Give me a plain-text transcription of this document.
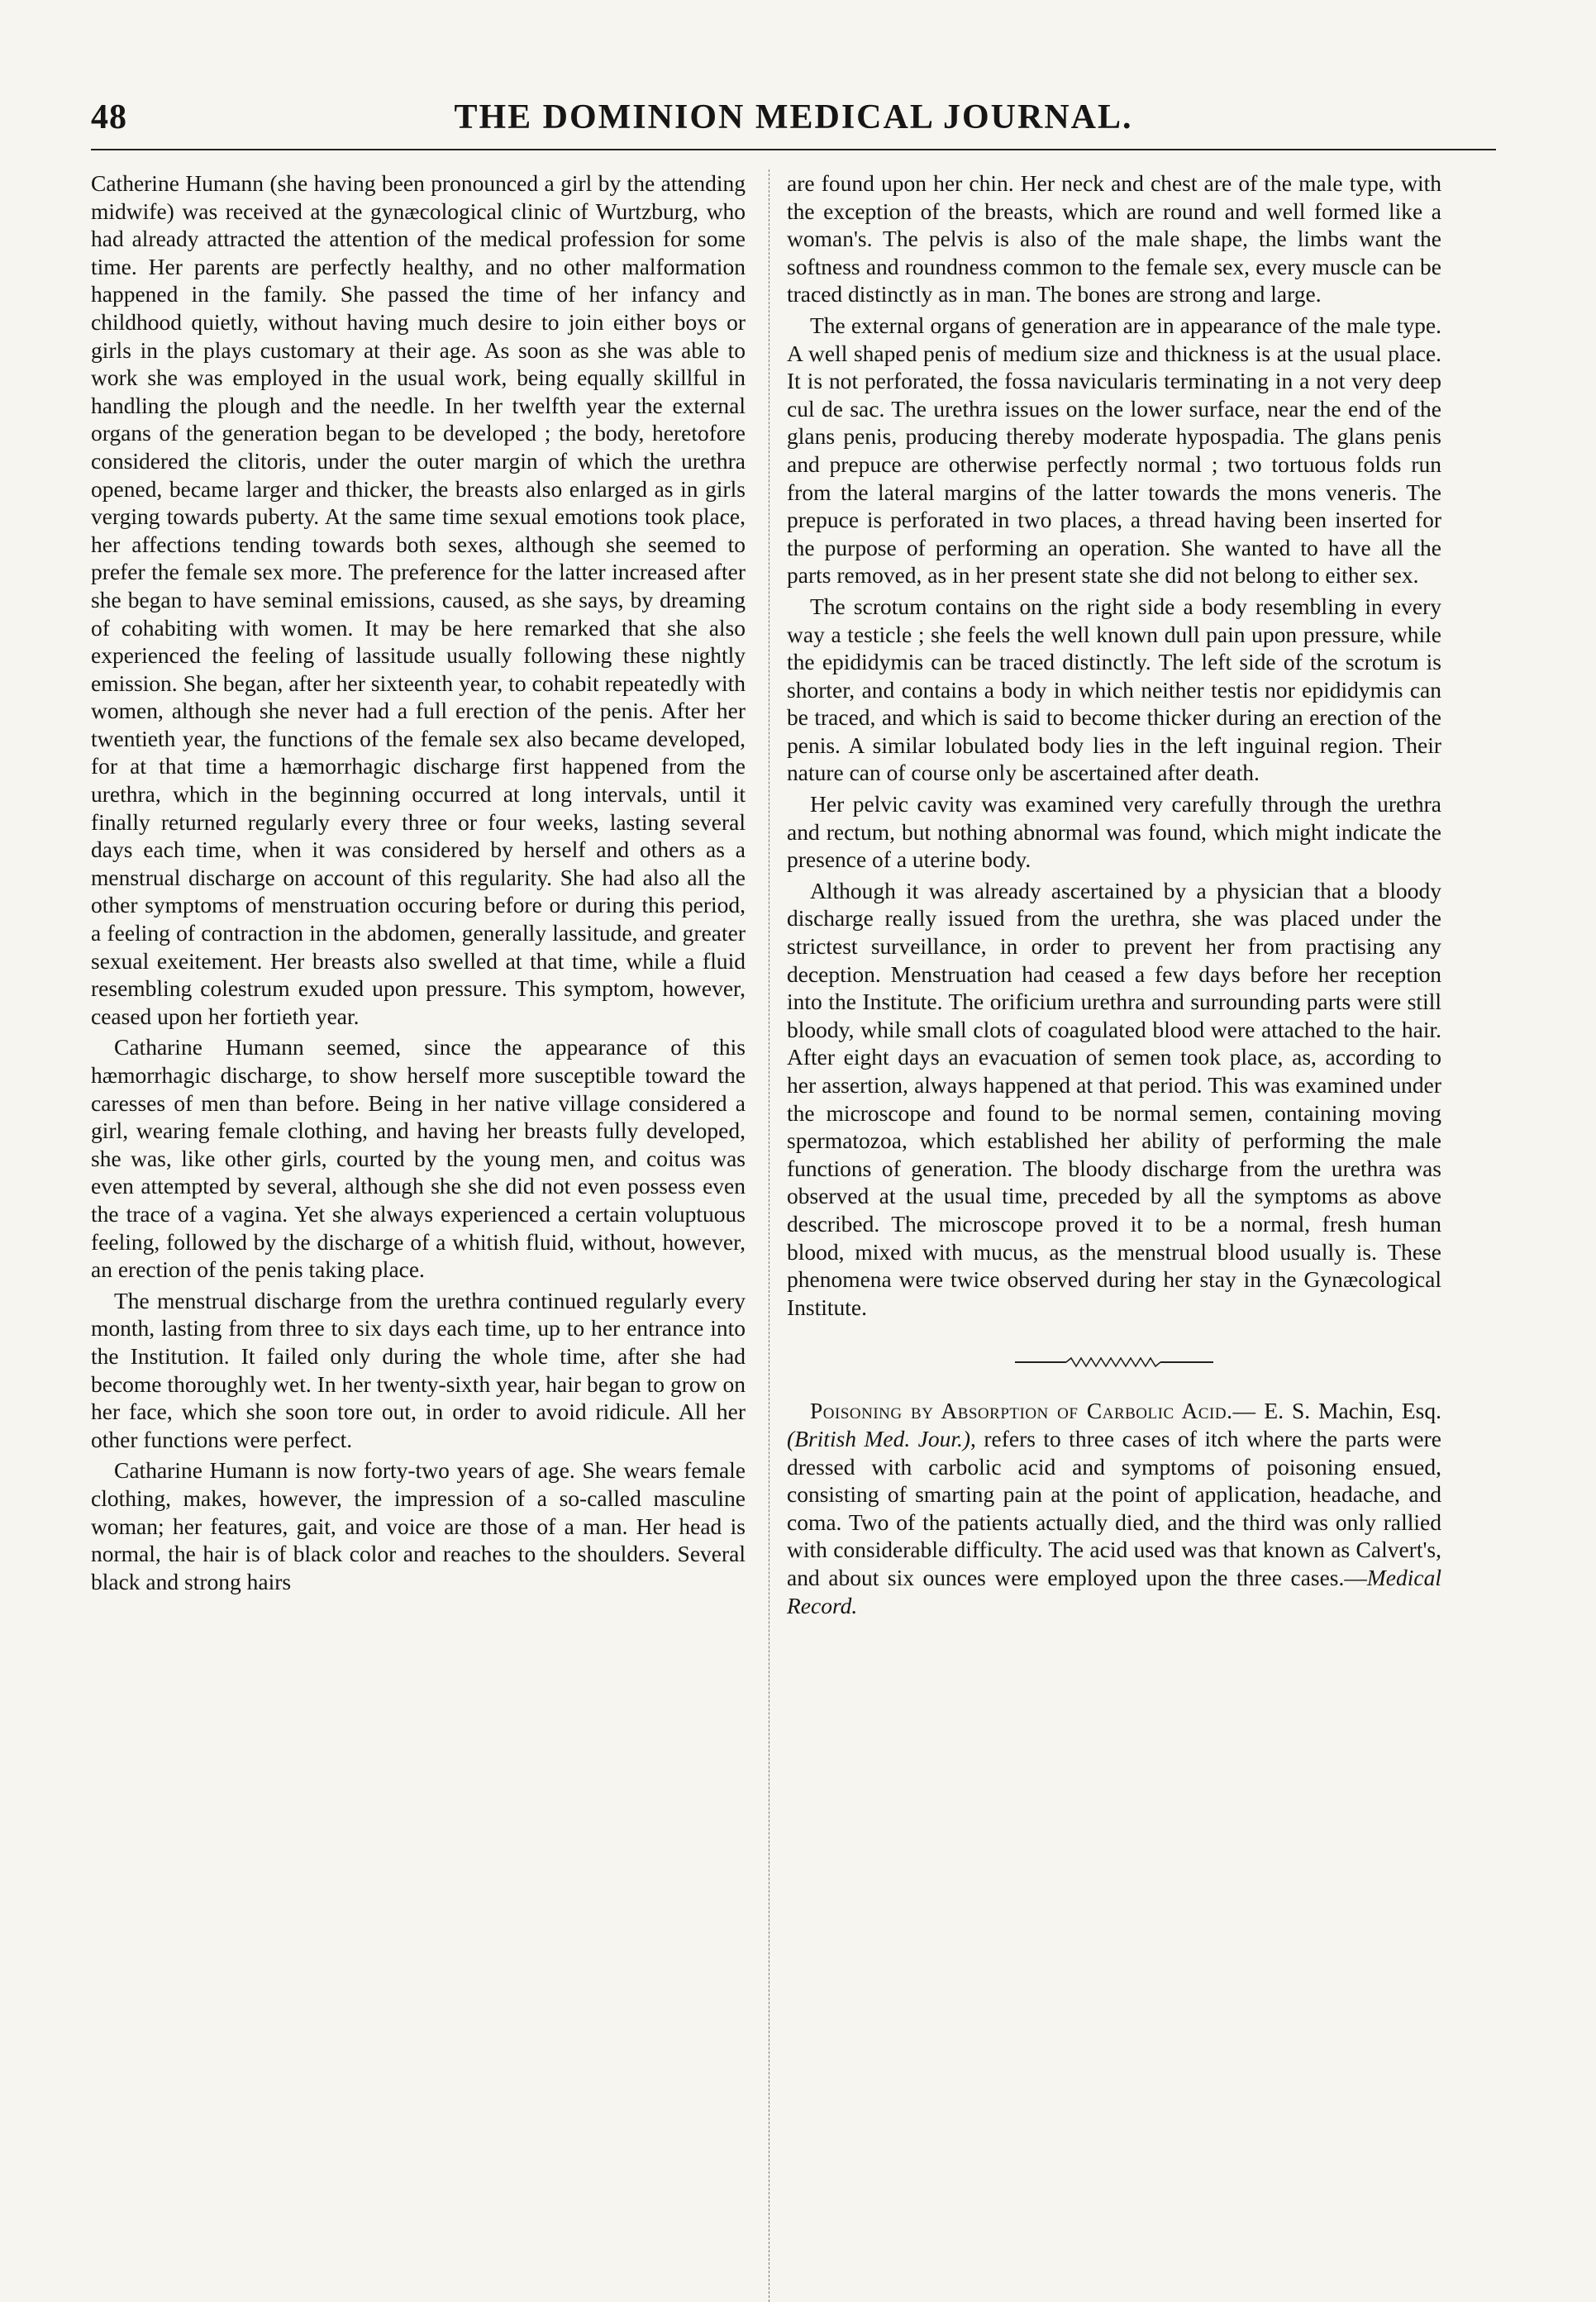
48	THE DOMINION MEDICAL JOURNAL.

Catherine Humann (she having been pronounced a girl by the attending midwife) was received at the gynæcological clinic of Wurtzburg, who had already attracted the attention of the medical profession for some time. Her parents are perfectly healthy, and no other malformation happened in the family. She passed the time of her infancy and childhood quietly, without having much desire to join either boys or girls in the plays customary at their age. As soon as she was able to work she was employed in the usual work, being equally skillful in handling the plough and the needle. In her twelfth year the external organs of the generation began to be developed ; the body, heretofore considered the clitoris, under the outer margin of which the urethra opened, became larger and thicker, the breasts also enlarged as in girls verging towards puberty. At the same time sexual emotions took place, her affections tending towards both sexes, although she seemed to prefer the female sex more. The preference for the latter increased after she began to have seminal emissions, caused, as she says, by dreaming of cohabiting with women. It may be here remarked that she also experienced the feeling of lassitude usually following these nightly emission. She began, after her sixteenth year, to cohabit repeatedly with women, although she never had a full erection of the penis. After her twentieth year, the functions of the female sex also became developed, for at that time a hæmorrhagic discharge first happened from the urethra, which in the beginning occurred at long intervals, until it finally returned regularly every three or four weeks, lasting several days each time, when it was considered by herself and others as a menstrual discharge on account of this regularity. She had also all the other symptoms of menstruation occuring before or during this period, a feeling of contraction in the abdomen, generally lassitude, and greater sexual exeitement. Her breasts also swelled at that time, while a fluid resembling colestrum exuded upon pressure. This symptom, however, ceased upon her fortieth year.

Catharine Humann seemed, since the appearance of this hæmorrhagic discharge, to show herself more susceptible toward the caresses of men than before. Being in her native village considered a girl, wearing female clothing, and having her breasts fully developed, she was, like other girls, courted by the young men, and coitus was even attempted by several, although she she did not even possess even the trace of a vagina. Yet she always experienced a certain voluptuous feeling, followed by the discharge of a whitish fluid, without, however, an erection of the penis taking place.

The menstrual discharge from the urethra continued regularly every month, lasting from three to six days each time, up to her entrance into the Institution. It failed only during the whole time, after she had become thoroughly wet. In her twenty-sixth year, hair began to grow on her face, which she soon tore out, in order to avoid ridicule. All her other functions were perfect.

Catharine Humann is now forty-two years of age. She wears female clothing, makes, however, the impression of a so-called masculine woman; her features, gait, and voice are those of a man. Her head is normal, the hair is of black color and reaches to the shoulders. Several black and strong hairs

are found upon her chin. Her neck and chest are of the male type, with the exception of the breasts, which are round and well formed like a woman's. The pelvis is also of the male shape, the limbs want the softness and roundness common to the female sex, every muscle can be traced distinctly as in man. The bones are strong and large.

The external organs of generation are in appearance of the male type. A well shaped penis of medium size and thickness is at the usual place. It is not perforated, the fossa navicularis terminating in a not very deep cul de sac. The urethra issues on the lower surface, near the end of the glans penis, producing thereby moderate hypospadia. The glans penis and prepuce are otherwise perfectly normal ; two tortuous folds run from the lateral margins of the latter towards the mons veneris. The prepuce is perforated in two places, a thread having been inserted for the purpose of performing an operation. She wanted to have all the parts removed, as in her present state she did not belong to either sex.

The scrotum contains on the right side a body resembling in every way a testicle ; she feels the well known dull pain upon pressure, while the epididymis can be traced distinctly. The left side of the scrotum is shorter, and contains a body in which neither testis nor epididymis can be traced, and which is said to become thicker during an erection of the penis. A similar lobulated body lies in the left inguinal region. Their nature can of course only be ascertained after death.

Her pelvic cavity was examined very carefully through the urethra and rectum, but nothing abnormal was found, which might indicate the presence of a uterine body.

Although it was already ascertained by a physician that a bloody discharge really issued from the urethra, she was placed under the strictest surveillance, in order to prevent her from practising any deception. Menstruation had ceased a few days before her reception into the Institute. The orificium urethra and surrounding parts were still bloody, while small clots of coagulated blood were attached to the hair. After eight days an evacuation of semen took place, as, according to her assertion, always happened at that period. This was examined under the microscope and found to be normal semen, containing moving spermatozoa, which established her ability of performing the male functions of generation. The bloody discharge from the urethra was observed at the usual time, preceded by all the symptoms as above described. The microscope proved it to be a normal, fresh human blood, mixed with mucus, as the menstrual blood usually is. These phenomena were twice observed during her stay in the Gynæcological Institute.

Poisoning by Absorption of Carbolic Acid.— E. S. Machin, Esq. (British Med. Jour.), refers to three cases of itch where the parts were dressed with carbolic acid and symptoms of poisoning ensued, consisting of smarting pain at the point of application, headache, and coma. Two of the patients actually died, and the third was only rallied with considerable difficulty. The acid used was that known as Calvert's, and about six ounces were employed upon the three cases.—Medical Record.
